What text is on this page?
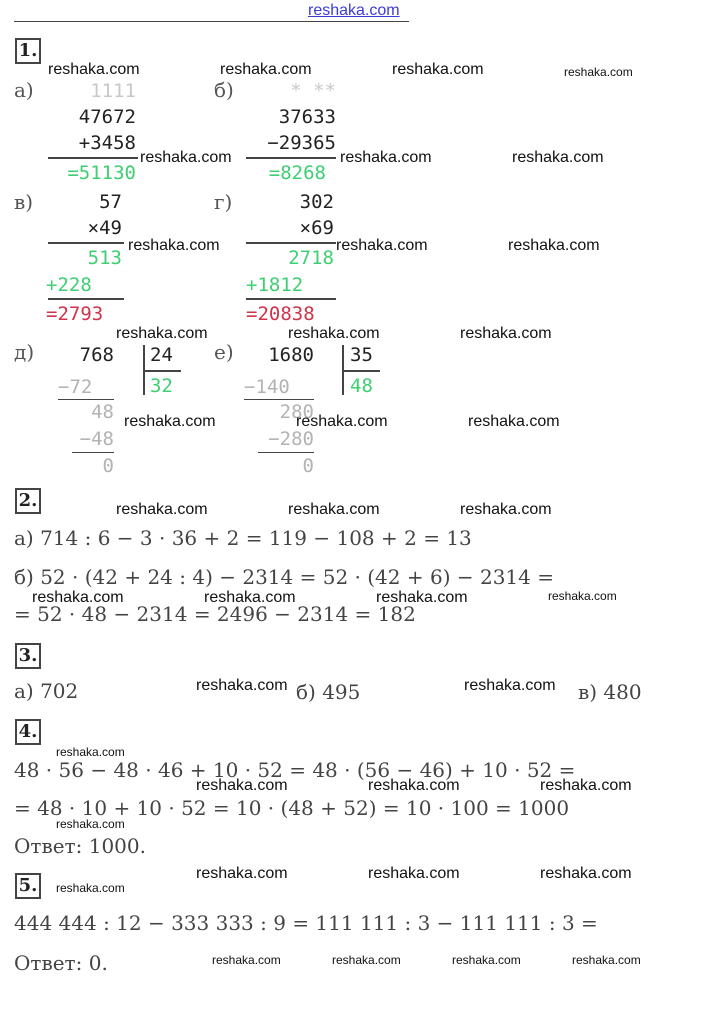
reshaka.com
1.
а)	1111
47672
+3458
=51130
б)	* **
37633
−29365
=8268
в)	57
×49
513
+228
=2793
г)	302
×69
2718
+1812
=20838
д)	768 24
32
−72
48
−48
0
е)	1680 35
48
−140
280
−280
0
2.
а) 714 : 6 − 3 · 36 + 2 = 119 − 108 + 2 = 13
б) 52 · (42 + 24 : 4) − 2314 = 52 · (42 + 6) − 2314 =
= 52 · 48 − 2314 = 2496 − 2314 = 182
3.
а) 702	б) 495	в) 480
4.
48 · 56 − 48 · 46 + 10 · 52 = 48 · (56 − 46) + 10 · 52 =
= 48 · 10 + 10 · 52 = 10 · (48 + 52) = 10 · 100 = 1000
Ответ: 1000.
5.
444 444 : 12 − 333 333 : 9 = 111 111 : 3 − 111 111 : 3 =
Ответ: 0.
reshaka.com	reshaka.com	reshaka.com	reshaka.com
reshaka.com	reshaka.com	reshaka.com
reshaka.com	reshaka.com	reshaka.com
reshaka.com	reshaka.com	reshaka.com
reshaka.com	reshaka.com	reshaka.com
reshaka.com	reshaka.com	reshaka.com
reshaka.com	reshaka.com	reshaka.com	reshaka.com
reshaka.com	reshaka.com
reshaka.com
reshaka.com	reshaka.com	reshaka.com
reshaka.com
reshaka.com	reshaka.com	reshaka.com
reshaka.com
reshaka.com	reshaka.com	reshaka.com	reshaka.com
